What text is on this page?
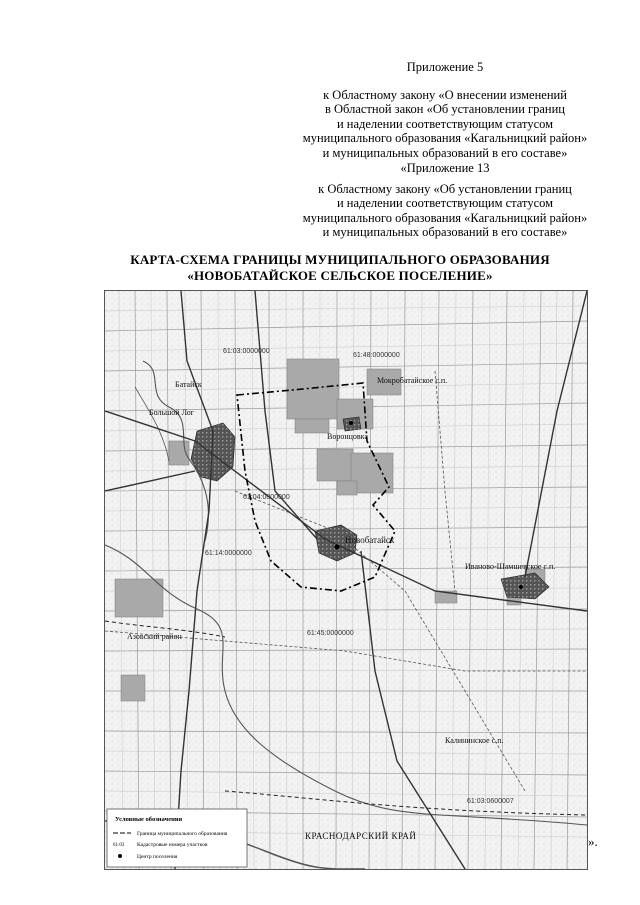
Приложение 5
к Областному закону «О внесении изменений
в Областной закон «Об установлении границ
и наделении соответствующим статусом
муниципального образования «Кагальницкий район»
и муниципальных образований в его составе»
«Приложение 13
к Областному закону «Об установлении границ
и наделении соответствующим статусом
муниципального образования «Кагальницкий район»
и муниципальных образований в его составе»
КАРТА-СХЕМА ГРАНИЦЫ МУНИЦИПАЛЬНОГО ОБРАЗОВАНИЯ
«НОВОБАТАЙСКОЕ СЕЛЬСКОЕ ПОСЕЛЕНИЕ»
Большой Лог
Воронцовка
Мокробатайское с.п.
Новобатайск
Иваново-Шамшевское с.п.
Калининское с.п.
Азовский район
Батайск
КРАСНОДАРСКИЙ КРАЙ
61:03:0000000
61:04:0000000
61:45:0000000
61:14:0000000
61:48:0000000
61:03:0600007
Условные обозначения
Граница муниципального образования
61:03 Кадастровые номера участков
Центр поселения
».
